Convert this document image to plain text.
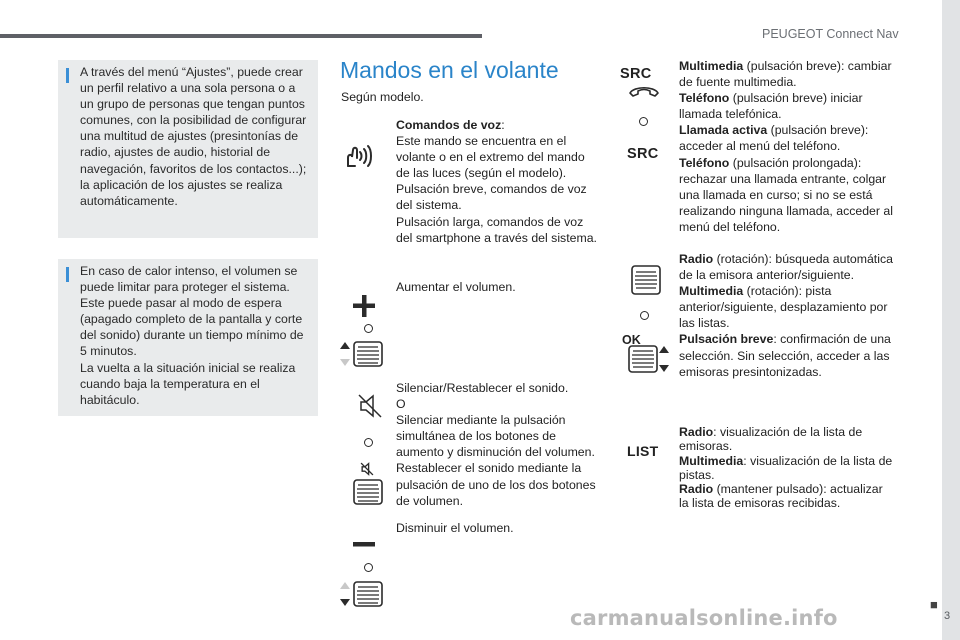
PEUGEOT Connect Nav
3
■
A través del menú “Ajustes”, puede crear un perfil relativo a una sola persona o a un grupo de personas que tengan puntos comunes, con la posibilidad de configurar una multitud de ajustes (presintonías de radio, ajustes de audio, historial de navegación, favoritos de los contactos...); la aplicación de los ajustes se realiza automáticamente.
En caso de calor intenso, el volumen se puede limitar para proteger el sistema. Este puede pasar al modo de espera (apagado completo de la pantalla y corte del sonido) durante un tiempo mínimo de 5 minutos.
La vuelta a la situación inicial se realiza cuando baja la temperatura en el habitáculo.
Mandos en el volante
Según modelo.
Comandos de voz:
Este mando se encuentra en el volante o en el extremo del mando de las luces (según el modelo).
Pulsación breve, comandos de voz del sistema.
Pulsación larga, comandos de voz del smartphone a través del sistema.
Aumentar el volumen.
Silenciar/Restablecer el sonido.
O
Silenciar mediante la pulsación simultánea de los botones de aumento y disminución del volumen.
Restablecer el sonido mediante la pulsación de uno de los dos botones de volumen.
Disminuir el volumen.
SRC
SRC
Multimedia (pulsación breve): cambiar de fuente multimedia.
Teléfono (pulsación breve) iniciar llamada telefónica.
Llamada activa (pulsación breve): acceder al menú del teléfono.
Teléfono (pulsación prolongada): rechazar una llamada entrante, colgar una llamada en curso; si no se está realizando ninguna llamada, acceder al menú del teléfono.
OK
Radio (rotación): búsqueda automática de la emisora anterior/siguiente.
Multimedia (rotación): pista anterior/siguiente, desplazamiento por las listas.
Pulsación breve: confirmación de una selección. Sin selección, acceder a las emisoras presintonizadas.
LIST
Radio: visualización de la lista de emisoras.
Multimedia: visualización de la lista de pistas.
Radio (mantener pulsado): actualizar la lista de emisoras recibidas.
carmanualsonline.info
